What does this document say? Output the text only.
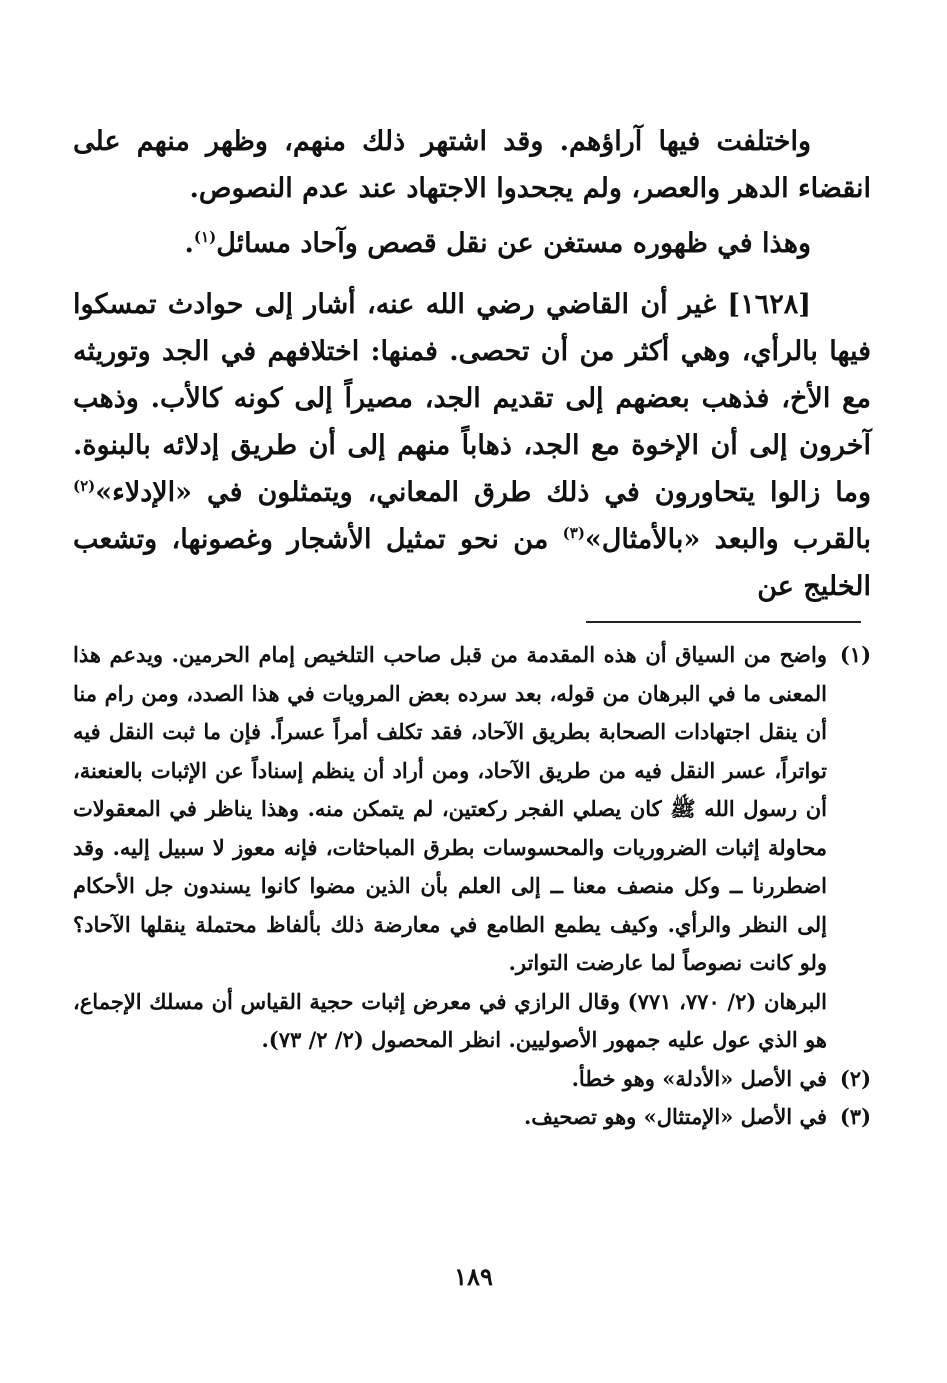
واختلفت فيها آراؤهم. وقد اشتهر ذلك منهم، وظهر منهم على انقضاء الدهر والعصر، ولم يجحدوا الاجتهاد عند عدم النصوص.

وهذا في ظهوره مستغن عن نقل قصص وآحاد مسائل$^{(١)}$.

[١٦٢٨] غير أن القاضي رضي الله عنه، أشار إلى حوادث تمسكوا فيها بالرأي، وهي أكثر من أن تحصى. فمنها: اختلافهم في الجد وتوريثه مع الأخ، فذهب بعضهم إلى تقديم الجد، مصيراً إلى كونه كالأب. وذهب آخرون إلى أن الإخوة مع الجد، ذهاباً منهم إلى أن طريق إدلائه بالبنوة. وما زالوا يتحاورون في ذلك طرق المعاني، ويتمثلون في «الإدلاء»$^{(٢)}$ بالقرب والبعد «بالأمثال»$^{(٣)}$ من نحو تمثيل الأشجار وغصونها، وتشعب الخليج عن

(١)
واضح من السياق أن هذه المقدمة من قبل صاحب التلخيص إمام الحرمين. ويدعم هذا المعنى ما في البرهان من قوله، بعد سرده بعض المرويات في هذا الصدد، ومن رام منا أن ينقل اجتهادات الصحابة بطريق الآحاد، فقد تكلف أمراً عسراً. فإن ما ثبت النقل فيه تواتراً، عسر النقل فيه من طريق الآحاد، ومن أراد أن ينظم إسناداً عن الإثبات بالعنعنة، أن رسول الله ﷺ كان يصلي الفجر ركعتين، لم يتمكن منه. وهذا يناظر في المعقولات محاولة إثبات الضروريات والمحسوسات بطرق المباحثات، فإنه معوز لا سبيل إليه. وقد اضطررنا ــ وكل منصف معنا ــ إلى العلم بأن الذين مضوا كانوا يسندون جل الأحكام إلى النظر والرأي. وكيف يطمع الطامع في معارضة ذلك بألفاظ محتملة ينقلها الآحاد؟ ولو كانت نصوصاً لما عارضت التواتر.
البرهان (٢/ ٧٧٠، ٧٧١) وقال الرازي في معرض إثبات حجية القياس أن مسلك الإجماع، هو الذي عول عليه جمهور الأصوليين. انظر المحصول (٢/ ٢/ ٧٣).
(٢)
في الأصل «الأدلة» وهو خطأ.
(٣)
في الأصل «الإمتثال» وهو تصحيف.
١٨٩
